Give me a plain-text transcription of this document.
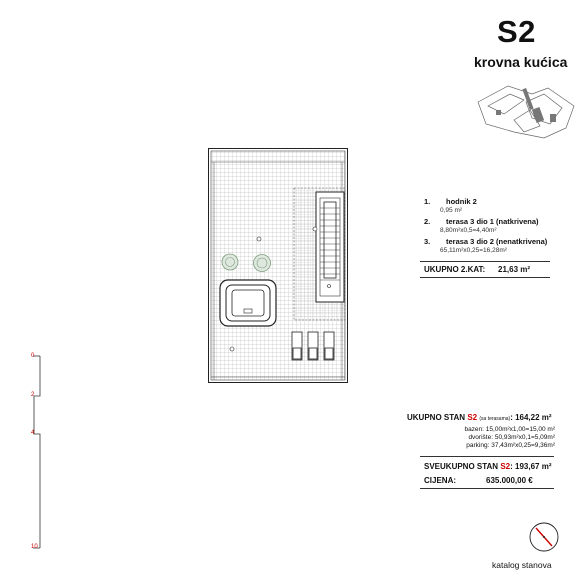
S2
krovna kućica
1. hodnik 2
0,95 m²
2. terasa 3 dio 1 (natkrivena)
8,80m²x0,5=4,40m²
3. terasa 3 dio 2 (nenatkrivena)
65,11m²x0,25=16,28m²
UKUPNO 2.KAT: 21,63 m²
0
2
4
10
UKUPNO STAN S2 (sa terasama): 164,22 m²
bazen: 15,00m²x1,00=15,00 m²
dvorište: 50,93m²x0,1=5,09m²
parking: 37,43m²x0,25=9,36m²
SVEUKUPNO STAN S2: 193,67 m²
CIJENA:	635.000,00 €
katalog stanova
